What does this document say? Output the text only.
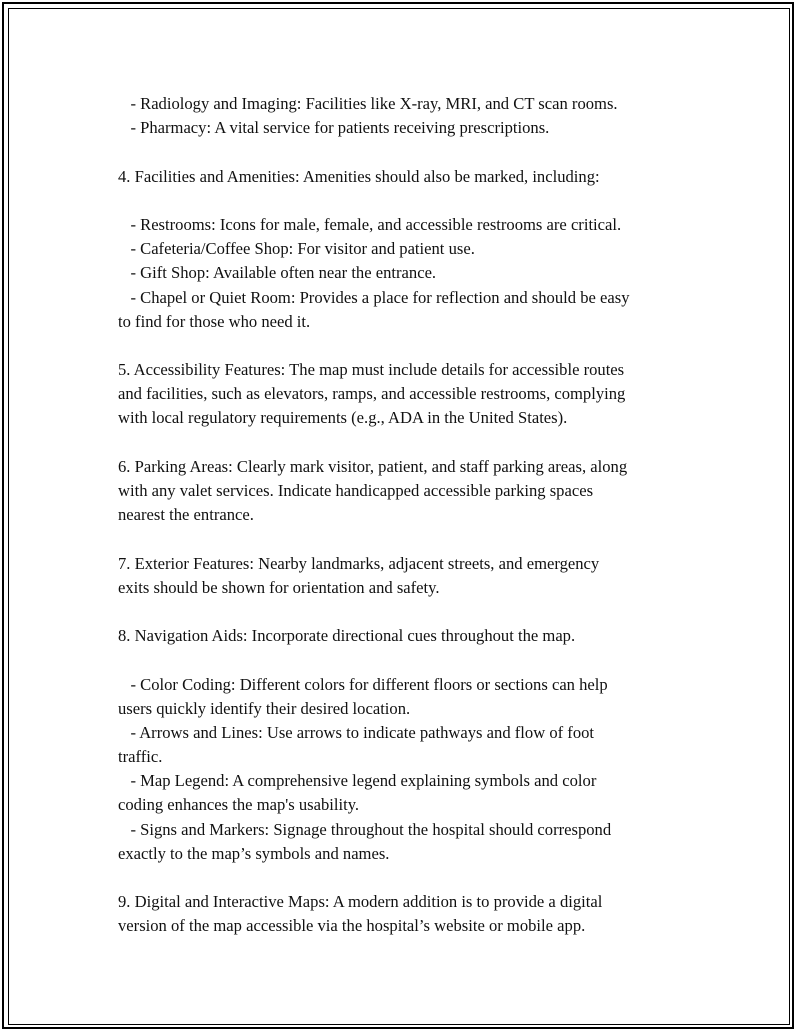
- Radiology and Imaging: Facilities like X-ray, MRI, and CT scan rooms.
- Pharmacy: A vital service for patients receiving prescriptions.
4. Facilities and Amenities: Amenities should also be marked, including:
- Restrooms: Icons for male, female, and accessible restrooms are critical.
- Cafeteria/Coffee Shop: For visitor and patient use.
- Gift Shop: Available often near the entrance.
- Chapel or Quiet Room: Provides a place for reflection and should be easy
to find for those who need it.
5. Accessibility Features: The map must include details for accessible routes
and facilities, such as elevators, ramps, and accessible restrooms, complying
with local regulatory requirements (e.g., ADA in the United States).
6. Parking Areas: Clearly mark visitor, patient, and staff parking areas, along
with any valet services. Indicate handicapped accessible parking spaces
nearest the entrance.
7. Exterior Features: Nearby landmarks, adjacent streets, and emergency
exits should be shown for orientation and safety.
8. Navigation Aids: Incorporate directional cues throughout the map.
- Color Coding: Different colors for different floors or sections can help
users quickly identify their desired location.
- Arrows and Lines: Use arrows to indicate pathways and flow of foot
traffic.
- Map Legend: A comprehensive legend explaining symbols and color
coding enhances the map's usability.
- Signs and Markers: Signage throughout the hospital should correspond
exactly to the map’s symbols and names.
9. Digital and Interactive Maps: A modern addition is to provide a digital
version of the map accessible via the hospital’s website or mobile app.
